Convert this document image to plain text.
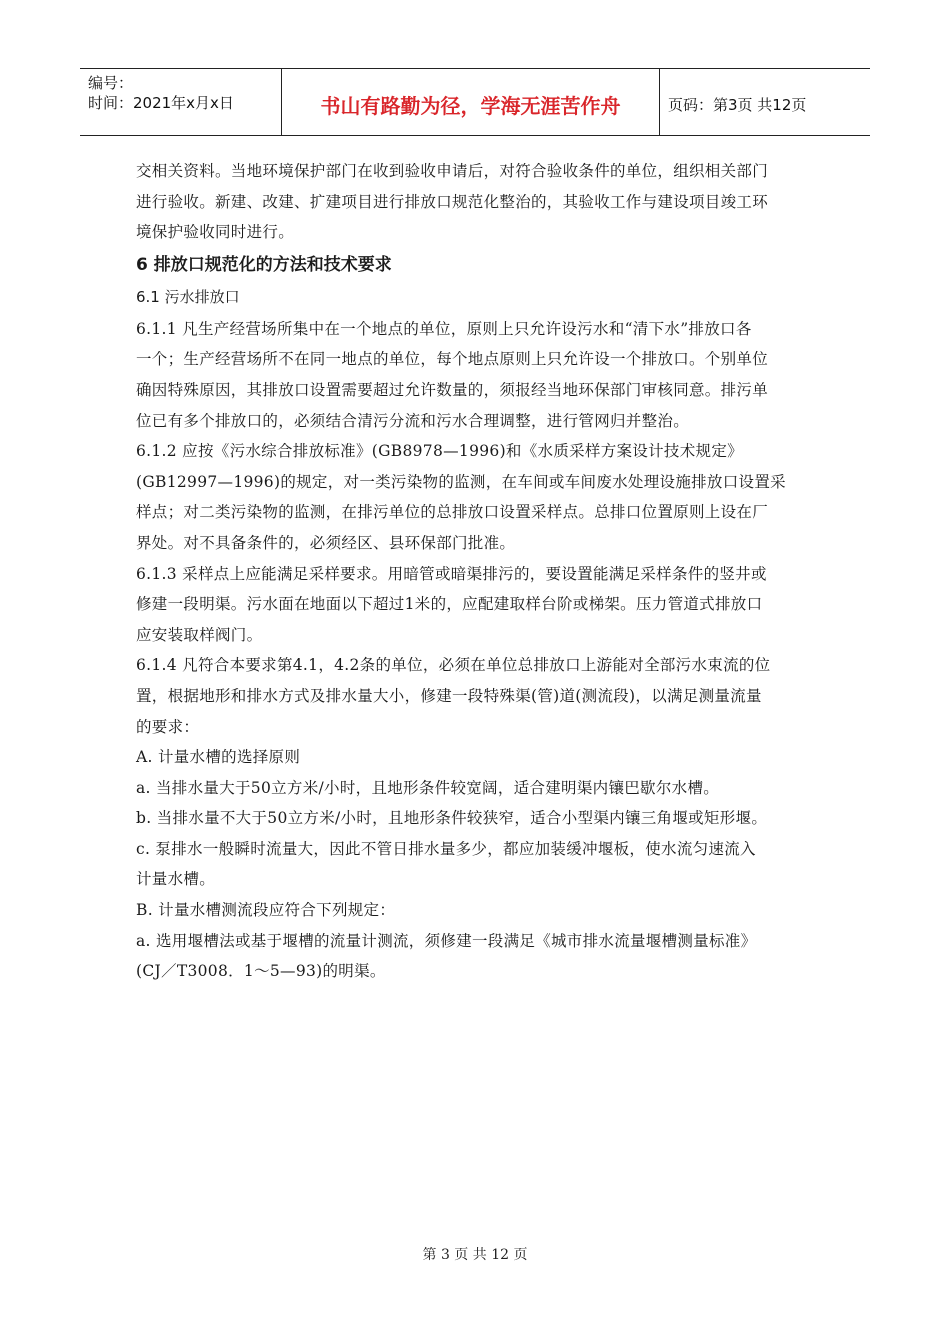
编号：
时间：2021年x月x日	书山有路勤为径，学海无涯苦作舟	页码：第3页 共12页

交相关资料。当地环境保护部门在收到验收申请后，对符合验收条件的单位，组织相关部门

进行验收。新建、改建、扩建项目进行排放口规范化整治的，其验收工作与建设项目竣工环

境保护验收同时进行。

6 排放口规范化的方法和技术要求
6.1 污水排放口

6.1.1 凡生产经营场所集中在一个地点的单位，原则上只允许设污水和“清下水”排放口各

一个；生产经营场所不在同一地点的单位，每个地点原则上只允许设一个排放口。个别单位

确因特殊原因，其排放口设置需要超过允许数量的，须报经当地环保部门审核同意。排污单

位已有多个排放口的，必须结合清污分流和污水合理调整，进行管网归并整治。

6.1.2 应按《污水综合排放标准》(GB8978—1996)和《水质采样方案设计技术规定》

(GB12997—1996)的规定，对一类污染物的监测，在车间或车间废水处理设施排放口设置采

样点；对二类污染物的监测，在排污单位的总排放口设置采样点。总排口位置原则上设在厂

界处。对不具备条件的，必须经区、县环保部门批准。

6.1.3 采样点上应能满足采样要求。用暗管或暗渠排污的，要设置能满足采样条件的竖井或

修建一段明渠。污水面在地面以下超过1米的，应配建取样台阶或梯架。压力管道式排放口

应安装取样阀门。

6.1.4 凡符合本要求第4.1，4.2条的单位，必须在单位总排放口上游能对全部污水束流的位

置，根据地形和排水方式及排水量大小，修建一段特殊渠(管)道(测流段)，以满足测量流量

的要求：

A. 计量水槽的选择原则

a. 当排水量大于50立方米/小时，且地形条件较宽阔，适合建明渠内镶巴歇尔水槽。

b. 当排水量不大于50立方米/小时，且地形条件较狭窄，适合小型渠内镶三角堰或矩形堰。

c. 泵排水一般瞬时流量大，因此不管日排水量多少，都应加装缓冲堰板，使水流匀速流入

计量水槽。

B. 计量水槽测流段应符合下列规定：

a. 选用堰槽法或基于堰槽的流量计测流，须修建一段满足《城市排水流量堰槽测量标准》

(CJ／T3008．1～5—93)的明渠。

第 3 页 共 12 页
